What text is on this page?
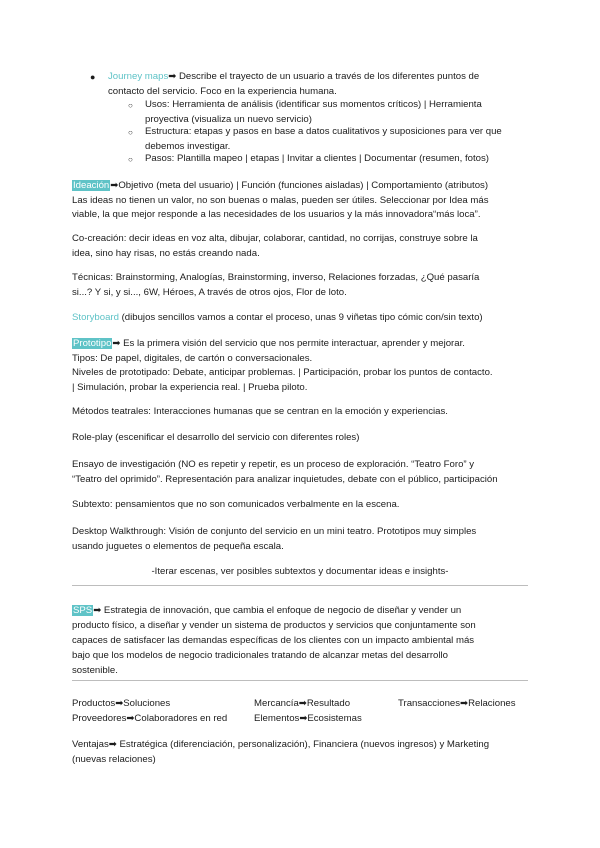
● Journey maps➡ Describe el trayecto de un usuario a través de los diferentes puntos de
contacto del servicio. Foco en la experiencia humana.
○ Usos: Herramienta de análisis (identificar sus momentos críticos) | Herramienta
proyectiva (visualiza un nuevo servicio)
○ Estructura: etapas y pasos en base a datos cualitativos y suposiciones para ver que
debemos investigar.
○ Pasos: Plantilla mapeo | etapas | Invitar a clientes | Documentar (resumen, fotos)
Ideación➡Objetivo (meta del usuario) | Función (funciones aisladas) | Comportamiento (atributos)
Las ideas no tienen un valor, no son buenas o malas, pueden ser útiles. Seleccionar por Idea más
viable, la que mejor responde a las necesidades de los usuarios y la más innovadora“más loca”.
Co-creación: decir ideas en voz alta, dibujar, colaborar, cantidad, no corrijas, construye sobre la
idea, sino hay risas, no estás creando nada.
Técnicas: Brainstorming, Analogías, Brainstorming, inverso, Relaciones forzadas, ¿Qué pasaría
si...? Y si, y si..., 6W, Héroes, A través de otros ojos, Flor de loto.
Storyboard (dibujos sencillos vamos a contar el proceso, unas 9 viñetas tipo cómic con/sin texto)
Prototipo➡ Es la primera visión del servicio que nos permite interactuar, aprender y mejorar.
Tipos: De papel, digitales, de cartón o conversacionales.
Niveles de prototipado: Debate, anticipar problemas. | Participación, probar los puntos de contacto.
| Simulación, probar la experiencia real. | Prueba piloto.
Métodos teatrales: Interacciones humanas que se centran en la emoción y experiencias.
Role-play (escenificar el desarrollo del servicio con diferentes roles)
Ensayo de investigación (NO es repetir y repetir, es un proceso de exploración. “Teatro Foro” y
“Teatro del oprimido”. Representación para analizar inquietudes, debate con el público, participación
Subtexto: pensamientos que no son comunicados verbalmente en la escena.
Desktop Walkthrough: Visión de conjunto del servicio en un mini teatro. Prototipos muy simples
usando juguetes o elementos de pequeña escala.
-Iterar escenas, ver posibles subtextos y documentar ideas e insights-
SPS➡ Estrategia de innovación, que cambia el enfoque de negocio de diseñar y vender un
producto físico, a diseñar y vender un sistema de productos y servicios que conjuntamente son
capaces de satisfacer las demandas específicas de los clientes con un impacto ambiental más
bajo que los modelos de negocio tradicionales tratando de alcanzar metas del desarrollo
sostenible.
Productos➡Soluciones
Proveedores➡Colaboradores en red
Mercancía➡Resultado
Elementos➡Ecosistemas
Transacciones➡Relaciones
Ventajas➡ Estratégica (diferenciación, personalización), Financiera (nuevos ingresos) y Marketing
(nuevas relaciones)
